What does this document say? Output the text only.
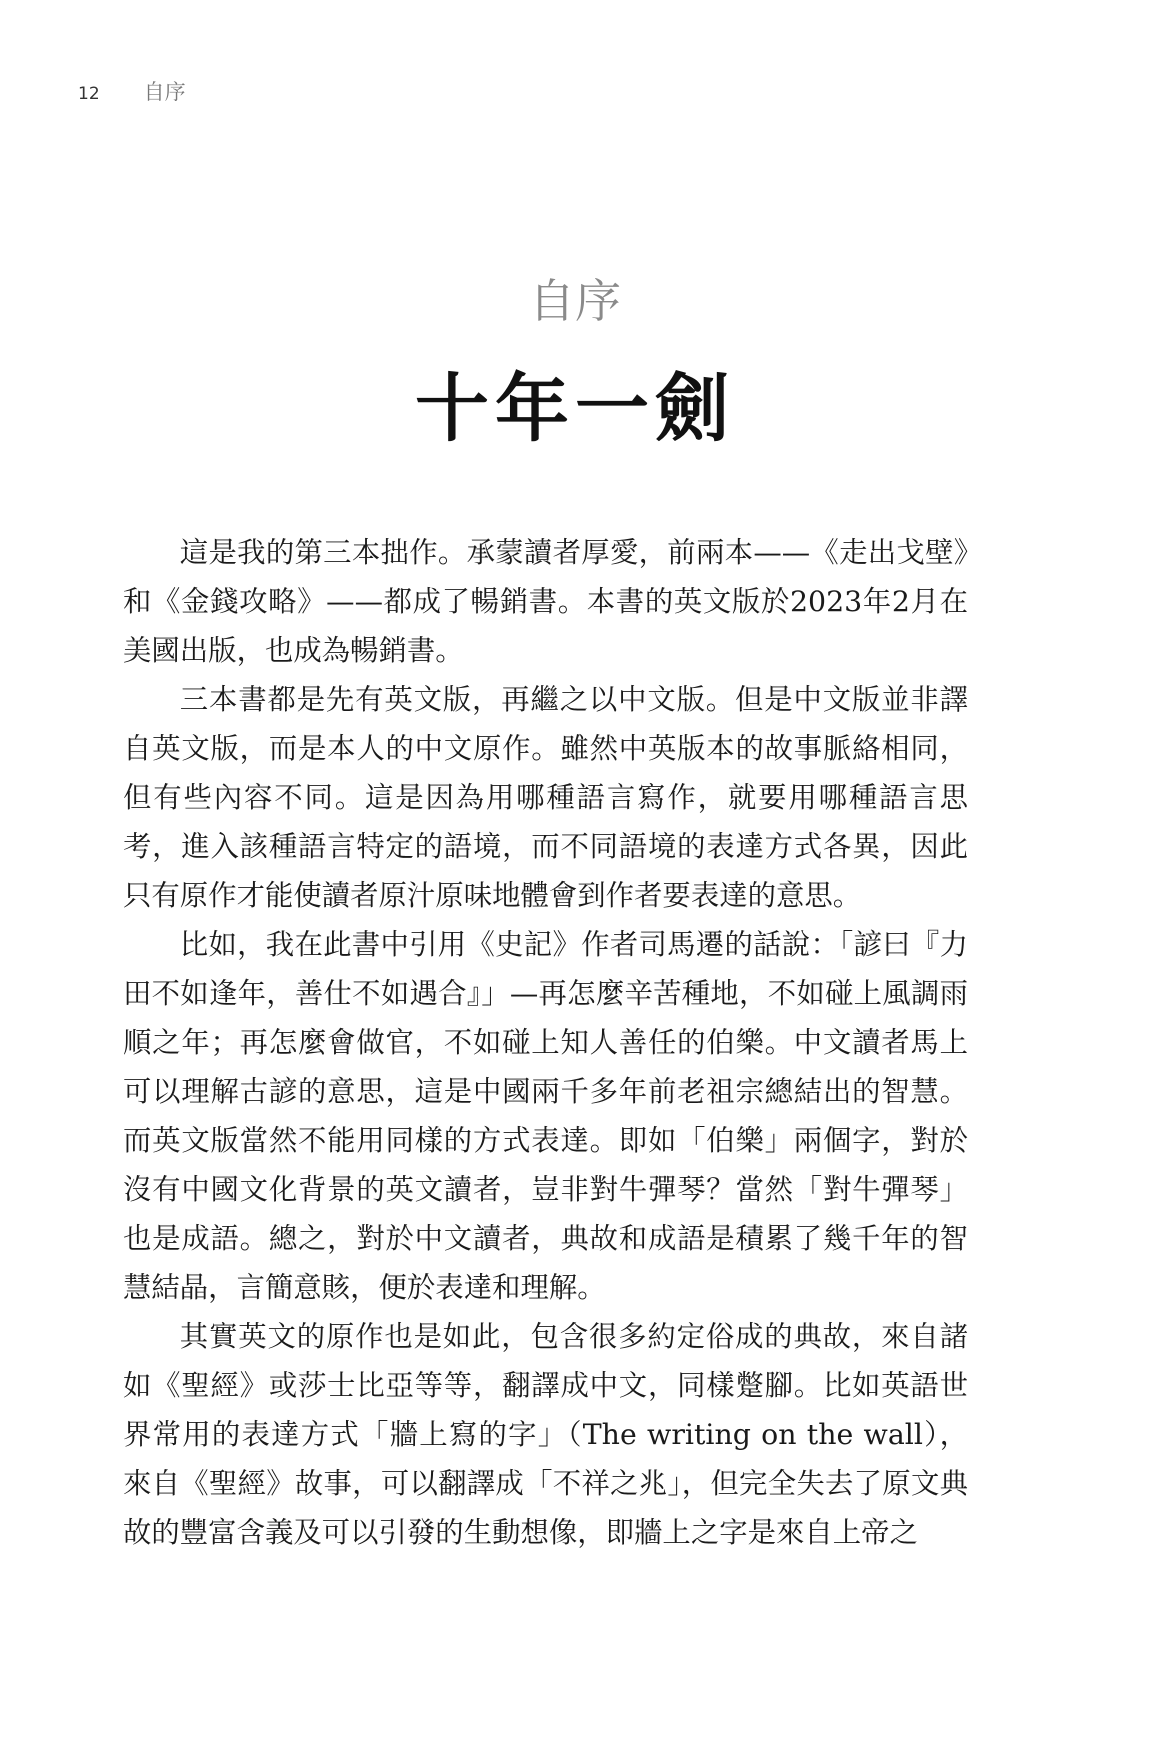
12 自序
自序
十年一劍

這是我的第三本拙作。承蒙讀者厚愛，前兩本——《走出戈壁》和《金錢攻略》——都成了暢銷書。本書的英文版於2023年2月在美國出版，也成為暢銷書。

三本書都是先有英文版，再繼之以中文版。但是中文版並非譯自英文版，而是本人的中文原作。雖然中英版本的故事脈絡相同，但有些內容不同。這是因為用哪種語言寫作，就要用哪種語言思考，進入該種語言特定的語境，而不同語境的表達方式各異，因此只有原作才能使讀者原汁原味地體會到作者要表達的意思。

比如，我在此書中引用《史記》作者司馬遷的話說：「諺曰『力田不如逢年，善仕不如遇合』」—再怎麼辛苦種地，不如碰上風調雨順之年；再怎麼會做官，不如碰上知人善任的伯樂。中文讀者馬上可以理解古諺的意思，這是中國兩千多年前老祖宗總結出的智慧。而英文版當然不能用同樣的方式表達。即如「伯樂」兩個字，對於沒有中國文化背景的英文讀者，豈非對牛彈琴？當然「對牛彈琴」也是成語。總之，對於中文讀者，典故和成語是積累了幾千年的智慧結晶，言簡意賅，便於表達和理解。

其實英文的原作也是如此，包含很多約定俗成的典故，來自諸如《聖經》或莎士比亞等等，翻譯成中文，同樣蹩腳。比如英語世界常用的表達方式「牆上寫的字」（The writing on the wall），來自《聖經》故事，可以翻譯成「不祥之兆」，但完全失去了原文典故的豐富含義及可以引發的生動想像，即牆上之字是來自上帝之
